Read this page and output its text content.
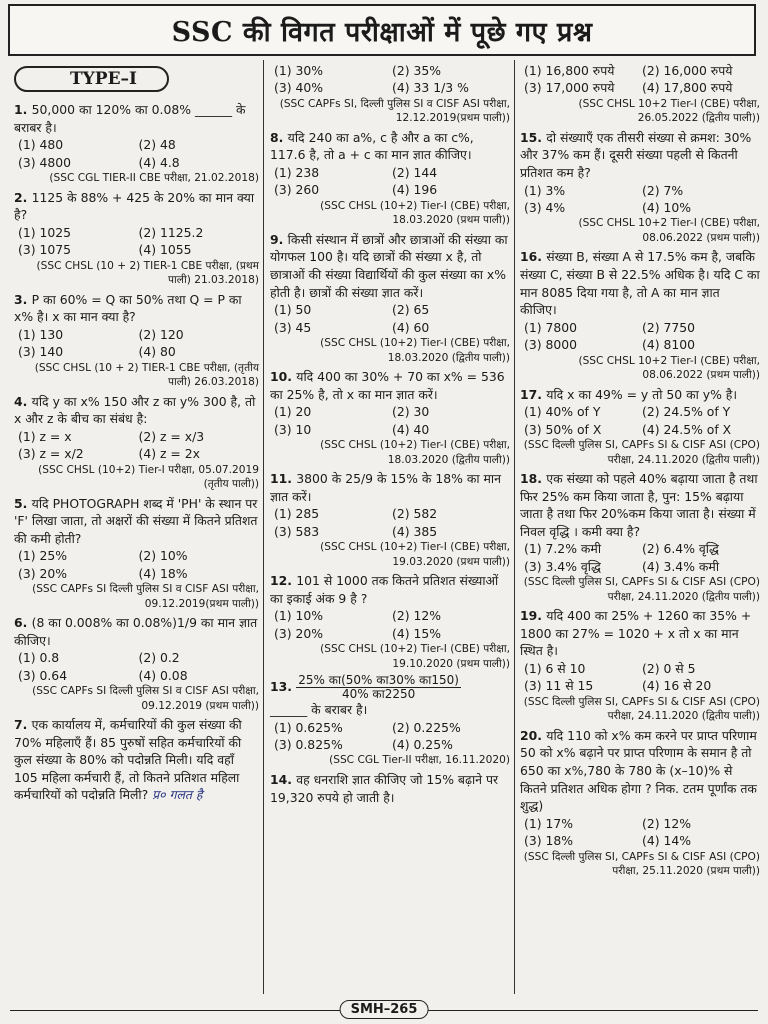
SSC की विगत परीक्षाओं में पूछे गए प्रश्न
TYPE–I
1. 50,000 का 120% का 0.08% ______ के बराबर है।
(1) 480	(2) 48
(3) 4800	(4) 4.8
(SSC CGL TIER-II CBE परीक्षा, 21.02.2018)
2. 1125 के 88% + 425 के 20% का मान क्या है?
(1) 1025	(2) 1125.2
(3) 1075	(4) 1055
(SSC CHSL (10 + 2) TIER-1 CBE परीक्षा, (प्रथम पाली) 21.03.2018)
3. P का 60% = Q का 50% तथा Q = P का x% है। x का मान क्या है?
(1) 130	(2) 120
(3) 140	(4) 80
(SSC CHSL (10 + 2) TIER-1 CBE परीक्षा, (तृतीय पाली) 26.03.2018)
4. यदि y का x% 150 और z का y% 300 है, तो x और z के बीच का संबंध है:
(1) z = x	(2) z = x/3
(3) z = x/2	(4) z = 2x
(SSC CHSL (10+2) Tier-I परीक्षा, 05.07.2019 (तृतीय पाली))
5. यदि PHOTOGRAPH शब्द में 'PH' के स्थान पर 'F' लिखा जाता, तो अक्षरों की संख्या में कितने प्रतिशत की कमी होती?
(1) 25%	(2) 10%
(3) 20%	(4) 18%
(SSC CAPFs SI दिल्ली पुलिस SI व CISF ASI परीक्षा, 09.12.2019(प्रथम पाली))
6. (8 का 0.008% का 0.08%)1/9 का मान ज्ञात कीजिए।
(1) 0.8	(2) 0.2
(3) 0.64	(4) 0.08
(SSC CAPFs SI दिल्ली पुलिस SI व CISF ASI परीक्षा, 09.12.2019 (प्रथम पाली))
7. एक कार्यालय में, कर्मचारियों की कुल संख्या की 70% महिलाएँ हैं। 85 पुरुषों सहित कर्मचारियों की कुल संख्या के 80% को पदोन्नति मिली। यदि वहाँ 105 महिला कर्मचारी हैं, तो कितने प्रतिशत महिला कर्मचारियों को पदोन्नति मिली? प्र० गलत है
(1) 30%	(2) 35%
(3) 40%	(4) 33 1/3 %
(SSC CAPFs SI, दिल्ली पुलिस SI व CISF ASI परीक्षा, 12.12.2019(प्रथम पाली))
8. यदि 240 का a%, c है और a का c%, 117.6 है, तो a + c का मान ज्ञात कीजिए।
(1) 238	(2) 144
(3) 260	(4) 196
(SSC CHSL (10+2) Tier-I (CBE) परीक्षा, 18.03.2020 (प्रथम पाली))
9. किसी संस्थान में छात्रों और छात्राओं की संख्या का योगफल 100 है। यदि छात्रों की संख्या x है, तो छात्राओं की संख्या विद्यार्थियों की कुल संख्या का x% होती है। छात्रों की संख्या ज्ञात करें।
(1) 50	(2) 65
(3) 45	(4) 60
(SSC CHSL (10+2) Tier-I (CBE) परीक्षा, 18.03.2020 (द्वितीय पाली))
10. यदि 400 का 30% + 70 का x% = 536 का 25% है, तो x का मान ज्ञात करें।
(1) 20	(2) 30
(3) 10	(4) 40
(SSC CHSL (10+2) Tier-I (CBE) परीक्षा, 18.03.2020 (द्वितीय पाली))
11. 3800 के 25/9 के 15% के 18% का मान ज्ञात करें।
(1) 285	(2) 582
(3) 583	(4) 385
(SSC CHSL (10+2) Tier-I (CBE) परीक्षा, 19.03.2020 (प्रथम पाली))
12. 101 से 1000 तक कितने प्रतिशत संख्याओं का इकाई अंक 9 है ?
(1) 10%	(2) 12%
(3) 20%	(4) 15%
(SSC CHSL (10+2) Tier-I (CBE) परीक्षा, 19.10.2020 (प्रथम पाली))
13. $\frac{\text{25\% का(50\% का30\% का150)}}{\text{40\% का2250}}$

______ के बराबर है।
(1) 0.625%	(2) 0.225%
(3) 0.825%	(4) 0.25%
(SSC CGL Tier-II परीक्षा, 16.11.2020)
14. वह धनराशि ज्ञात कीजिए जो 15% बढ़ाने पर 19,320 रुपये हो जाती है।
(1) 16,800 रुपये	(2) 16,000 रुपये
(3) 17,000 रुपये	(4) 17,800 रुपये
(SSC CHSL 10+2 Tier-I (CBE) परीक्षा, 26.05.2022 (द्वितीय पाली))
15. दो संख्याएँ एक तीसरी संख्या से क्रमश: 30% और 37% कम हैं। दूसरी संख्या पहली से कितनी प्रतिशत कम है?
(1) 3%	(2) 7%
(3) 4%	(4) 10%
(SSC CHSL 10+2 Tier-I (CBE) परीक्षा, 08.06.2022 (प्रथम पाली))
16. संख्या B, संख्या A से 17.5% कम है, जबकि संख्या C, संख्या B से 22.5% अधिक है। यदि C का मान 8085 दिया गया है, तो A का मान ज्ञात कीजिए।
(1) 7800	(2) 7750
(3) 8000	(4) 8100
(SSC CHSL 10+2 Tier-I (CBE) परीक्षा, 08.06.2022 (प्रथम पाली))
17. यदि x का 49% = y तो 50 का y% है।
(1) 40% of Y	(2) 24.5% of Y
(3) 50% of X	(4) 24.5% of X
(SSC दिल्ली पुलिस SI, CAPFs SI & CISF ASI (CPO) परीक्षा, 24.11.2020 (द्वितीय पाली))
18. एक संख्या को पहले 40% बढ़ाया जाता है तथा फिर 25% कम किया जाता है, पुन: 15% बढ़ाया जाता है तथा फिर 20%कम किया जाता है। संख्या में निवल वृद्धि । कमी क्या है?
(1) 7.2% कमी	(2) 6.4% वृद्धि
(3) 3.4% वृद्धि	(4) 3.4% कमी
(SSC दिल्ली पुलिस SI, CAPFs SI & CISF ASI (CPO) परीक्षा, 24.11.2020 (द्वितीय पाली))
19. यदि 400 का 25% + 1260 का 35% + 1800 का 27% = 1020 + x तो x का मान स्थित है।
(1) 6 से 10	(2) 0 से 5
(3) 11 से 15	(4) 16 से 20
(SSC दिल्ली पुलिस SI, CAPFs SI & CISF ASI (CPO) परीक्षा, 24.11.2020 (द्वितीय पाली))
20. यदि 110 को x% कम करने पर प्राप्त परिणाम 50 को x% बढ़ाने पर प्राप्त परिणाम के समान है तो 650 का x%,780 के 780 के (x–10)% से कितने प्रतिशत अधिक होगा ? निक. टतम पूर्णांक तक शुद्ध)
(1) 17%	(2) 12%
(3) 18%	(4) 14%
(SSC दिल्ली पुलिस SI, CAPFs SI & CISF ASI (CPO) परीक्षा, 25.11.2020 (प्रथम पाली))
SMH–265
